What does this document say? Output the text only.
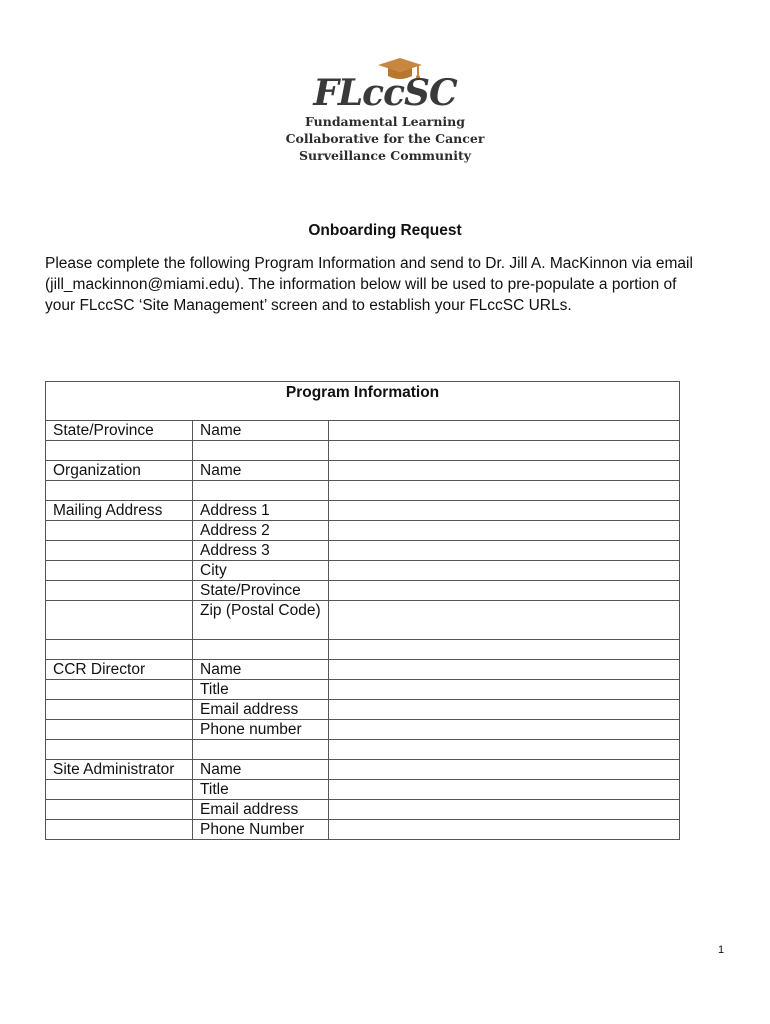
FLccSC
Fundamental Learning
Collaborative for the Cancer
Surveillance Community
Onboarding Request
Please complete the following Program Information and send to Dr. Jill A. MacKinnon via email (jill_mackinnon@miami.edu). The information below will be used to pre-populate a portion of your FLccSC ‘Site Management’ screen and to establish your FLccSC URLs.
Program Information		
State/Province	Name	

Organization	Name	

Mailing Address	Address 1	
	Address 2	
	Address 3	
	City	
	State/Province	
	Zip (Postal Code)	

CCR Director	Name	
	Title	
	Email address	
	Phone number	

Site Administrator	Name	
	Title	
	Email address	
	Phone Number	
1
